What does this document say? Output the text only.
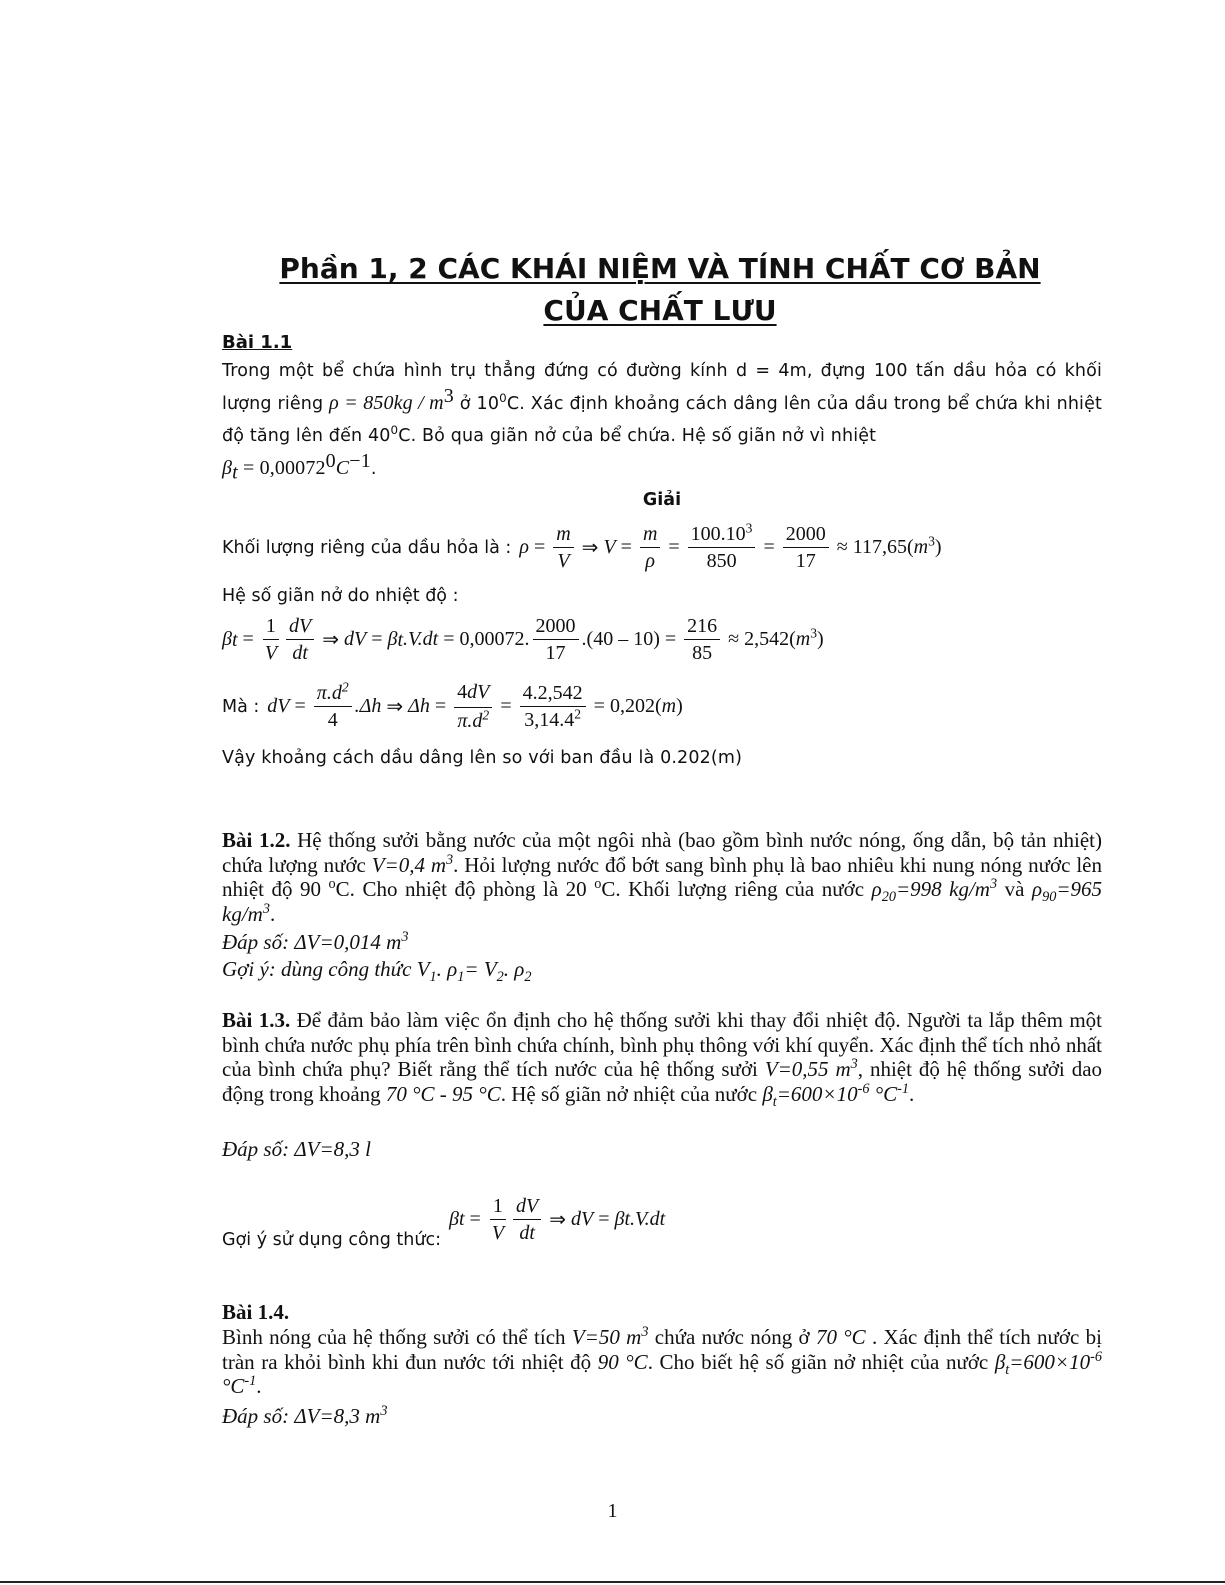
Phần 1, 2 CÁC KHÁI NIỆM VÀ TÍNH CHẤT CƠ BẢN
CỦA CHẤT LƯU
Bài 1.1
Trong một bể chứa hình trụ thẳng đứng có đường kính d = 4m, đựng 100 tấn dầu hỏa có khối lượng riêng $\rho = 850kg / m^3$ ở $10^0C$. Xác định khoảng cách dâng lên của dầu trong bể chứa khi nhiệt độ tăng lên đến $40^0C$. Bỏ qua giãn nở của bể chứa. Hệ số giãn nở vì nhiệt
$\beta_t = 0,00072^0C^{-1}$.
Giải
Khối lượng riêng của dầu hỏa là : $\rho = \frac{m}{V}$ ⇒ $V = \frac{m}{\rho} = \frac{100.10^3}{850} = \frac{2000}{17} \approx 117,65(m^3)$
Hệ số giãn nở do nhiệt độ :
β $t = \frac{1}{V} \frac{dV}{dt}$ ⇒ dV = β t .V.dt = 0,00072. $\frac{2000}{17} .(40 - 10) = \frac{216}{85} \approx 2,542(m^3)$
Mà : dV = $\frac{\pi.d^2}{4} .\Delta h$ ⇒ $\Delta h = \frac{4dV}{\pi.d^2} = \frac{4.2,542}{3,14.4^2} = 0,202(m)$
Vậy khoảng cách dầu dâng lên so với ban đầu là 0.202(m)
Bài 1.2. Hệ thống sưởi bằng nước của một ngôi nhà (bao gồm bình nước nóng, ống dẫn, bộ tản nhiệt) chứa lượng nước V=0,4 $m^3$. Hỏi lượng nước đổ bớt sang bình phụ là bao nhiêu khi nung nóng nước lên nhiệt độ 90 $^o$C. Cho nhiệt độ phòng là 20 $^o$C. Khối lượng riêng của nước $\rho_{20}=998$ $kg/m^3$ và $\rho_{90}=965$ $kg/m^3$.
Đáp số: ΔV=0,014 $m^3$
Gợi ý: dùng công thức $V_1$. $\rho_1= V_2$. $\rho_2$
Bài 1.3. Để đảm bảo làm việc ổn định cho hệ thống sưởi khi thay đổi nhiệt độ. Người ta lắp thêm một bình chứa nước phụ phía trên bình chứa chính, bình phụ thông với khí quyển. Xác định thể tích nhỏ nhất của bình chứa phụ? Biết rằng thể tích nước của hệ thống sưởi V=0,55 $m^3$, nhiệt độ hệ thống sưởi dao động trong khoảng 70 °C - 95 °C. Hệ số giãn nở nhiệt của nước $\beta_t=600\times 10^{-6}$ $^\circ C^{-1}$.
Đáp số: ΔV=8,3 l
Gợi ý sử dụng công thức:
β $t = \frac{1}{V} \frac{dV}{dt}$ ⇒ dV = β t .V.dt
Bài 1.4.
Bình nóng của hệ thống sưởi có thể tích V=50 $m^3$ chứa nước nóng ở 70 °C . Xác định thể tích nước bị tràn ra khỏi bình khi đun nước tới nhiệt độ 90 °C. Cho biết hệ số giãn nở nhiệt của nước $\beta_t=600\times 10^{-6}$ $^\circ C^{-1}$.
Đáp số: ΔV=8,3 $m^3$
1
